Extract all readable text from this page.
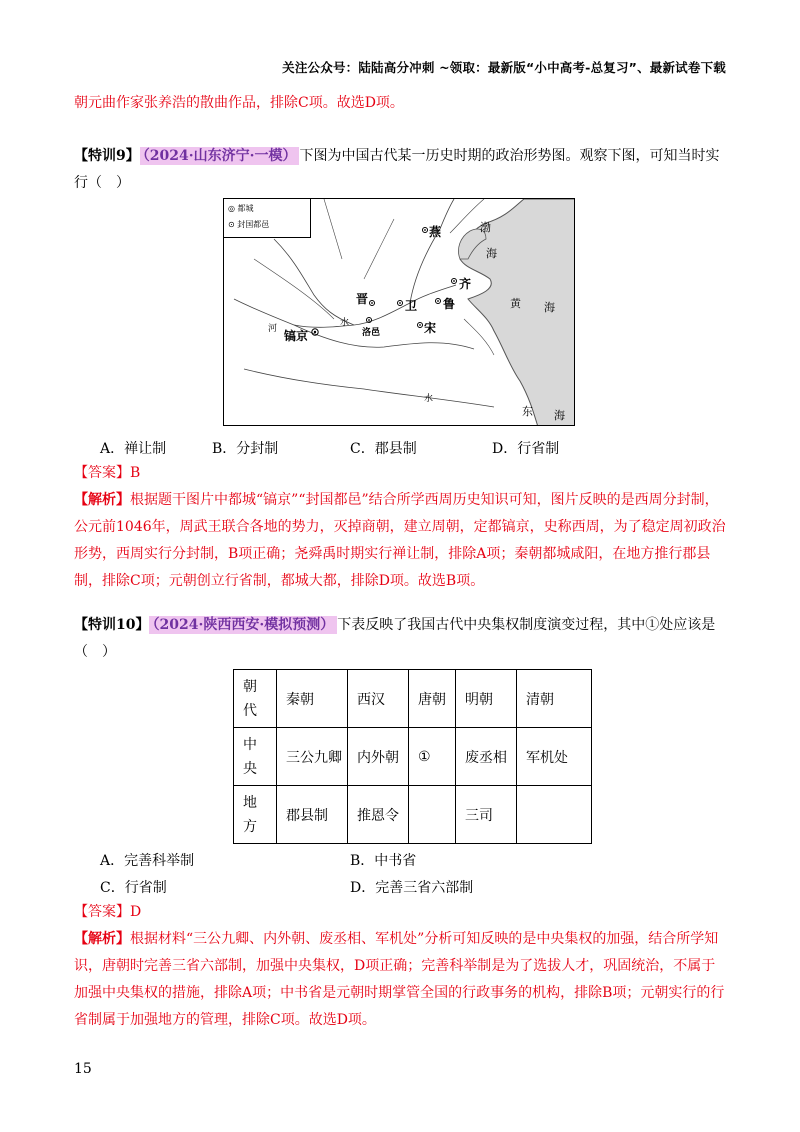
关注公众号：陆陆高分冲刺 ~领取：最新版“小中高考-总复习”、最新试卷下载
朝元曲作家张养浩的散曲作品，排除C项。故选D项。
【特训9】 （2024·山东济宁·一模） 下图为中国古代某一历史时期的政治形势图。观察下图，可知当时实行（　）
◎ 都城
⊙ 封国都邑
燕
齐
晋	卫 鲁
洛邑	宋
镐京
渤
海
黄 海
东 海
河
水
水
A．禅让制	B．分封制	C．郡县制	D．行省制
【答案】B
【解析】根据题干图片中都城“镐京”“封国都邑”结合所学西周历史知识可知，图片反映的是西周分封制，公元前1046年，周武王联合各地的势力，灭掉商朝，建立周朝，定都镐京，史称西周，为了稳定周初政治形势，西周实行分封制，B项正确；尧舜禹时期实行禅让制，排除A项；秦朝都城咸阳，在地方推行郡县制，排除C项；元朝创立行省制，都城大都，排除D项。故选B项。
【特训10】 （2024·陕西西安·模拟预测） 下表反映了我国古代中央集权制度演变过程，其中①处应该是（　）
朝代	秦朝	西汉	唐朝	明朝	清朝

中央	三公九卿	内外朝	①	废丞相	军机处

地方	郡县制	推恩令		三司	
A．完善科举制	B．中书省
C．行省制	D．完善三省六部制
【答案】D
【解析】根据材料“三公九卿、内外朝、废丞相、军机处”分析可知反映的是中央集权的加强，结合所学知识，唐朝时完善三省六部制，加强中央集权，D项正确；完善科举制是为了选拔人才，巩固统治，不属于加强中央集权的措施，排除A项；中书省是元朝时期掌管全国的行政事务的机构，排除B项；元朝实行的行省制属于加强地方的管理，排除C项。故选D项。
15
